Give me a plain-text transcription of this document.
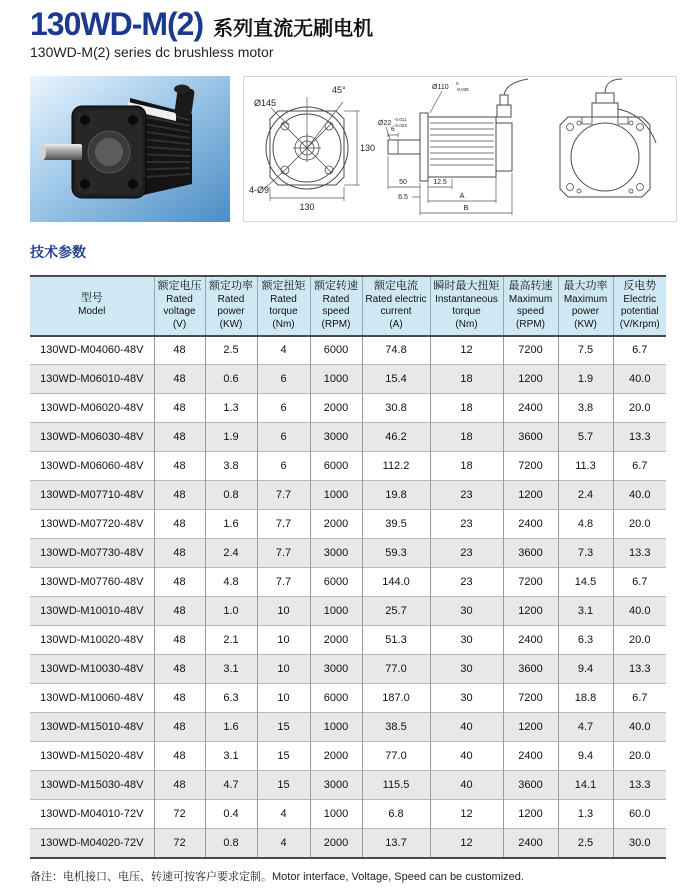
130WD-M(2) 系列直流无刷电机
130WD-M(2) series dc brushless motor
Ø145
45°
130
4-Ø9
130
Ø22
-0.011
-0.023
6
Ø110
0
-0.035
50	12.5
6.5	A
B
技术参数
型号
Model

额定电压
Rated voltage
(V)

额定功率
Rated power
(KW)

额定扭矩
Rated torque
(Nm)

额定转速
Rated speed
(RPM)

额定电流
Rated electric current
(A)

瞬时最大扭矩
Instantaneous torque
(Nm)

最高转速
Maximum speed
(RPM)

最大功率
Maximum power
(KW)

反电势
Electric potential
(V/Krpm)

130WD-M04060-48V	48	2.5	4	6000	74.8	12	7200	7.5	6.7
130WD-M06010-48V	48	0.6	6	1000	15.4	18	1200	1.9	40.0
130WD-M06020-48V	48	1.3	6	2000	30.8	18	2400	3.8	20.0
130WD-M06030-48V	48	1.9	6	3000	46.2	18	3600	5.7	13.3
130WD-M06060-48V	48	3.8	6	6000	112.2	18	7200	11.3	6.7
130WD-M07710-48V	48	0.8	7.7	1000	19.8	23	1200	2.4	40.0
130WD-M07720-48V	48	1.6	7.7	2000	39.5	23	2400	4.8	20.0
130WD-M07730-48V	48	2.4	7.7	3000	59.3	23	3600	7.3	13.3
130WD-M07760-48V	48	4.8	7.7	6000	144.0	23	7200	14.5	6.7
130WD-M10010-48V	48	1.0	10	1000	25.7	30	1200	3.1	40.0
130WD-M10020-48V	48	2.1	10	2000	51.3	30	2400	6.3	20.0
130WD-M10030-48V	48	3.1	10	3000	77.0	30	3600	9.4	13.3
130WD-M10060-48V	48	6.3	10	6000	187.0	30	7200	18.8	6.7
130WD-M15010-48V	48	1.6	15	1000	38.5	40	1200	4.7	40.0
130WD-M15020-48V	48	3.1	15	2000	77.0	40	2400	9.4	20.0
130WD-M15030-48V	48	4.7	15	3000	115.5	40	3600	14.1	13.3
130WD-M04010-72V	72	0.4	4	1000	6.8	12	1200	1.3	60.0
130WD-M04020-72V	72	0.8	4	2000	13.7	12	2400	2.5	30.0
备注：电机接口、电压、转速可按客户要求定制。Motor interface, Voltage, Speed can be customized.
